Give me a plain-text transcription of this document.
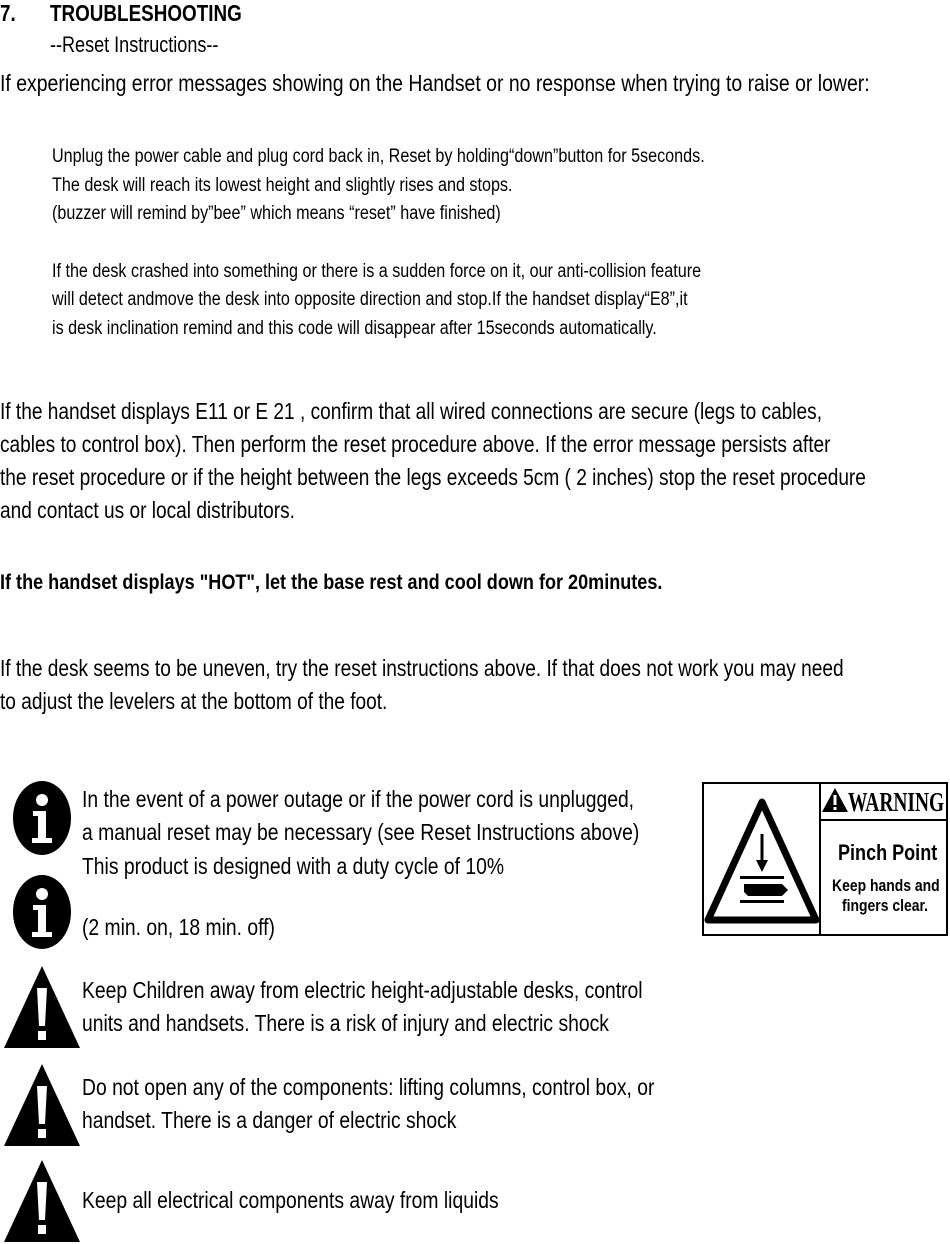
7. TROUBLESHOOTING
--Reset Instructions--
If experiencing error messages showing on the Handset or no response when trying to raise or lower:
Unplug the power cable and plug cord back in, Reset by holding“down”button for 5seconds.
The desk will reach its lowest height and slightly rises and stops.
(buzzer will remind by”bee” which means “reset” have finished)
If the desk crashed into something or there is a sudden force on it, our anti-collision feature
will detect andmove the desk into opposite direction and stop.If the handset display“E8”,it
is desk inclination remind and this code will disappear after 15seconds automatically.
If the handset displays E11 or E 21 , confirm that all wired connections are secure (legs to cables,
cables to control box). Then perform the reset procedure above. If the error message persists after
the reset procedure or if the height between the legs exceeds 5cm ( 2 inches) stop the reset procedure
and contact us or local distributors.
If the handset displays "HOT", let the base rest and cool down for 20minutes.
If the desk seems to be uneven, try the reset instructions above. If that does not work you may need
to adjust the levelers at the bottom of the foot.
In the event of a power outage or if the power cord is unplugged,
a manual reset may be necessary (see Reset Instructions above)
This product is designed with a duty cycle of 10%
(2 min. on, 18 min. off)
Keep Children away from electric height-adjustable desks, control
units and handsets. There is a risk of injury and electric shock
Do not open any of the components: lifting columns, control box, or
handset. There is a danger of electric shock
Keep all electrical components away from liquids
WARNING
Pinch Point
Keep hands and
fingers clear.
